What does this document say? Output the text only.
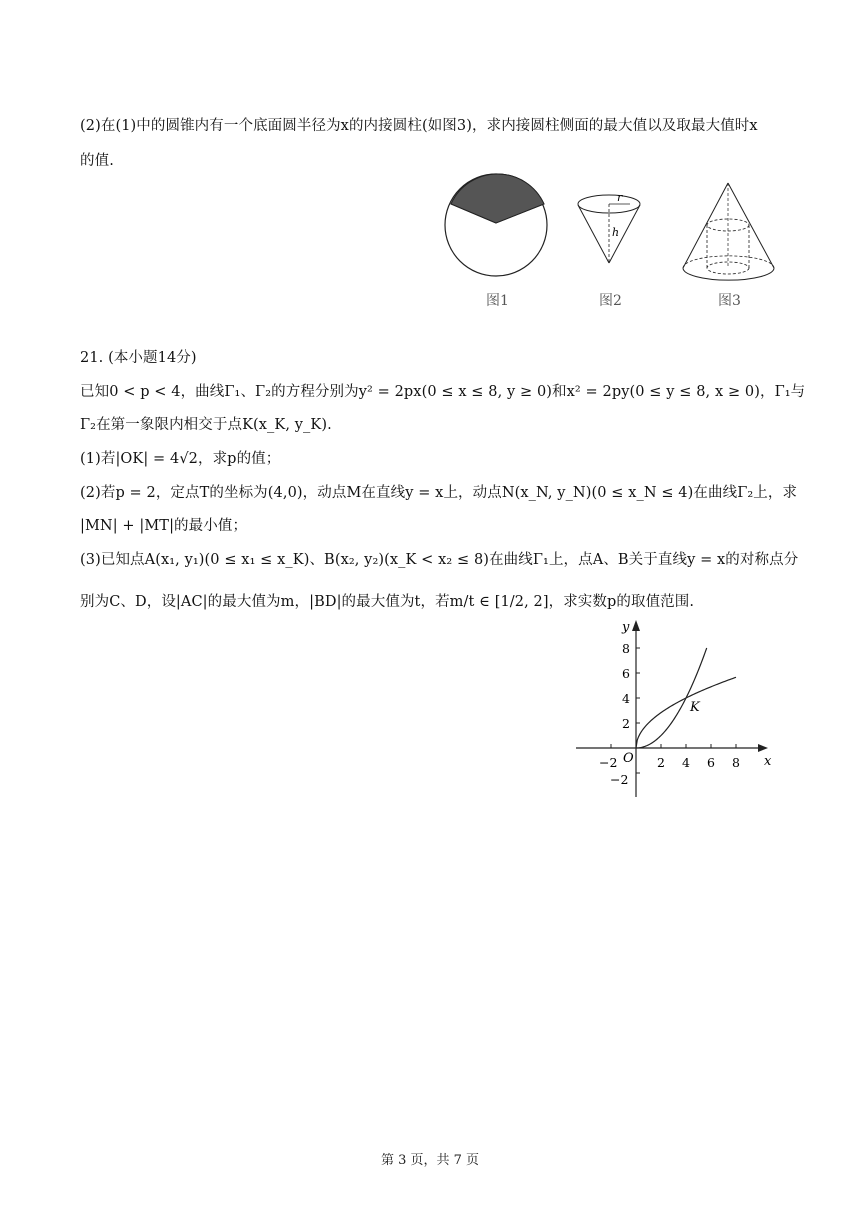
(2)在(1)中的圆锥内有一个底面圆半径为x的内接圆柱(如图3)，求内接圆柱侧面的最大值以及取最大值时x
的值.
r
h
图1	图2	图3
21. (本小题14分)
已知0 < p < 4，曲线Γ₁、Γ₂的方程分别为y² = 2px(0 ≤ x ≤ 8, y ≥ 0)和x² = 2py(0 ≤ y ≤ 8, x ≥ 0)，Γ₁与
Γ₂在第一象限内相交于点K(x_K, y_K).
(1)若|OK| = 4√2，求p的值；
(2)若p = 2，定点T的坐标为(4,0)，动点M在直线y = x上，动点N(x_N, y_N)(0 ≤ x_N ≤ 4)在曲线Γ₂上，求
|MN| + |MT|的最小值；
(3)已知点A(x₁, y₁)(0 ≤ x₁ ≤ x_K)、B(x₂, y₂)(x_K < x₂ ≤ 8)在曲线Γ₁上，点A、B关于直线y = x的对称点分
别为C、D，设|AC|的最大值为m，|BD|的最大值为t，若m/t ∈ [1/2, 2]，求实数p的取值范围.
y
x
O
K
−2	2 4 6 8
8
6
4
2
−2
第 3 页，共 7 页
